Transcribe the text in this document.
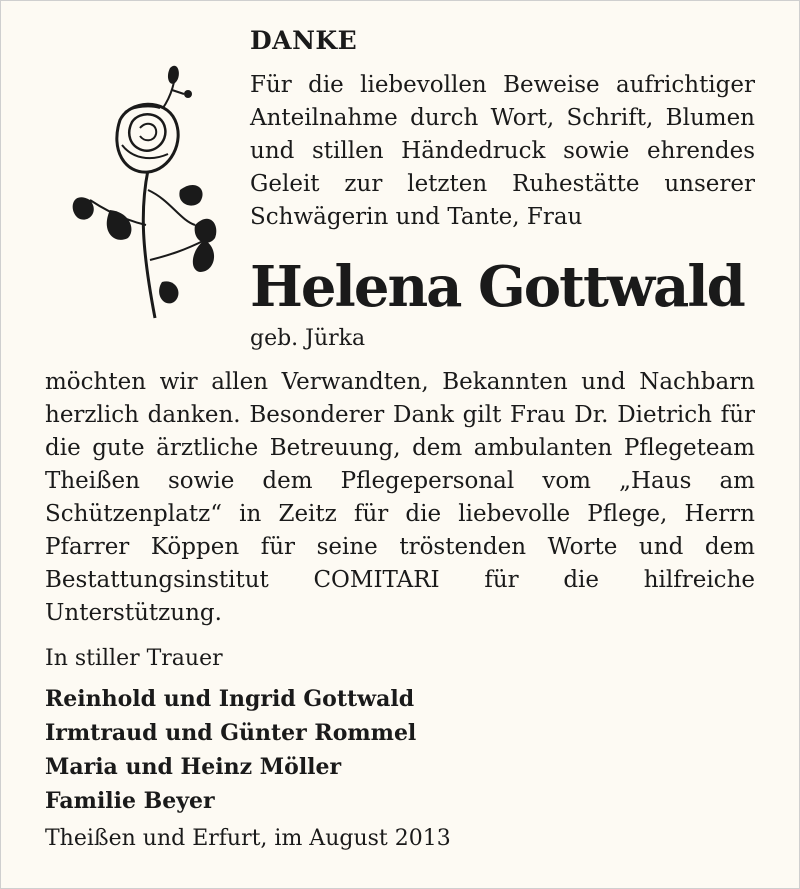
DANKE

Für die liebevollen Beweise aufrichtiger Anteilnahme durch Wort, Schrift, Blumen und stillen Händedruck sowie ehrendes Geleit zur letzten Ruhestätte unserer Schwägerin und Tante, Frau

Helena Gottwald
geb. Jürka

möchten wir allen Verwandten, Bekannten und Nachbarn herzlich danken. Besonderer Dank gilt Frau Dr. Dietrich für die gute ärztliche Betreuung, dem ambulanten Pflegeteam Theißen sowie dem Pflegepersonal vom „Haus am Schützenplatz“ in Zeitz für die liebevolle Pflege, Herrn Pfarrer Köppen für seine tröstenden Worte und dem Bestattungsinstitut COMITARI für die hilfreiche Unterstützung.

In stiller Trauer
Reinhold und Ingrid Gottwald
Irmtraud und Günter Rommel
Maria und Heinz Möller
Familie Beyer
Theißen und Erfurt, im August 2013
